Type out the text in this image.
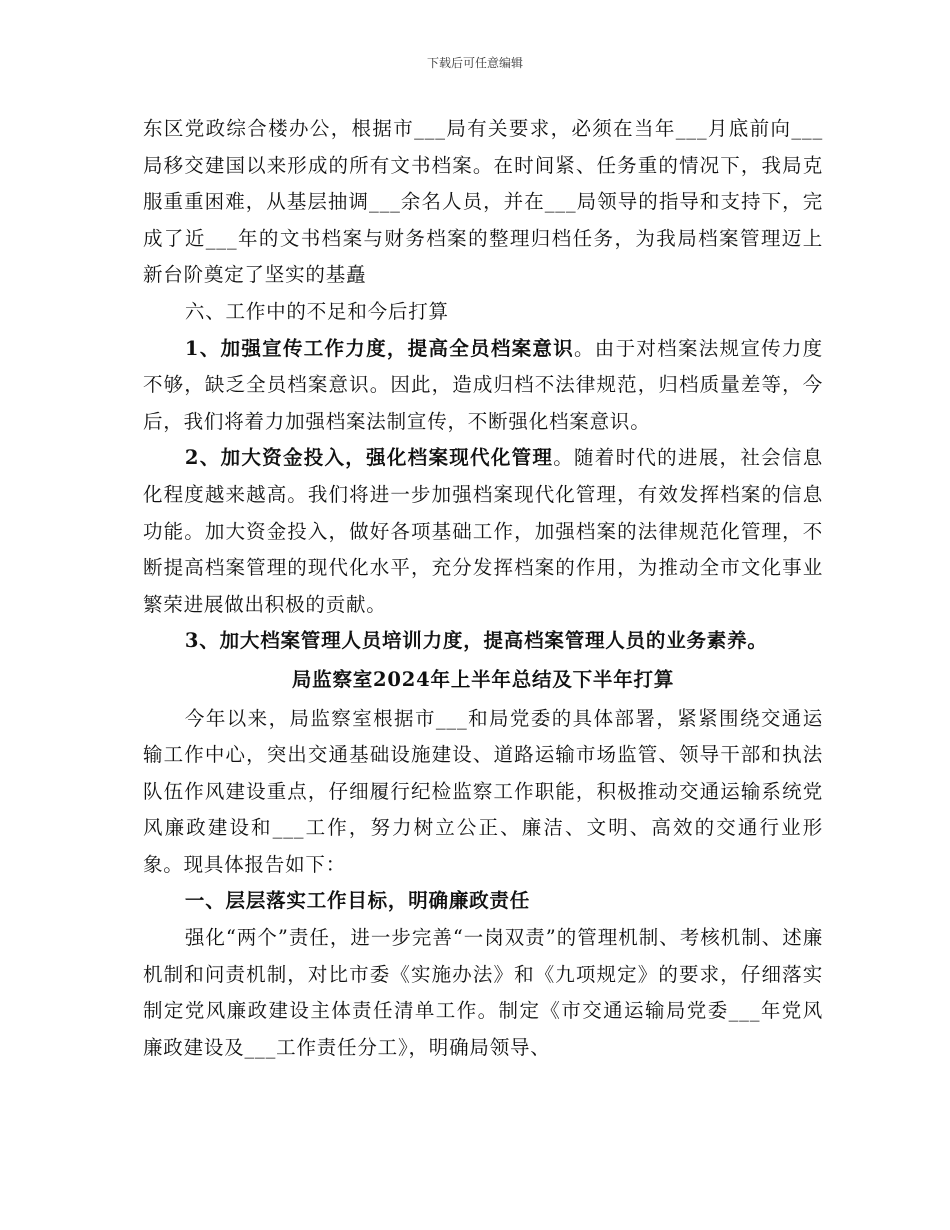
下载后可任意编辑

东区党政综合楼办公，根据市___局有关要求，必须在当年___月底前向___局移交建国以来形成的所有文书档案。在时间紧、任务重的情况下，我局克服重重困难，从基层抽调___余名人员，并在___局领导的指导和支持下，完成了近___年的文书档案与财务档案的整理归档任务，为我局档案管理迈上新台阶奠定了坚实的基矗

六、工作中的不足和今后打算

1、加强宣传工作力度，提高全员档案意识。由于对档案法规宣传力度不够，缺乏全员档案意识。因此，造成归档不法律规范，归档质量差等，今后，我们将着力加强档案法制宣传，不断强化档案意识。

2、加大资金投入，强化档案现代化管理。随着时代的进展，社会信息化程度越来越高。我们将进一步加强档案现代化管理，有效发挥档案的信息功能。加大资金投入，做好各项基础工作，加强档案的法律规范化管理，不断提高档案管理的现代化水平，充分发挥档案的作用，为推动全市文化事业繁荣进展做出积极的贡献。

3、加大档案管理人员培训力度，提高档案管理人员的业务素养。

局监察室2024年上半年总结及下半年打算

今年以来，局监察室根据市___和局党委的具体部署，紧紧围绕交通运输工作中心，突出交通基础设施建设、道路运输市场监管、领导干部和执法队伍作风建设重点，仔细履行纪检监察工作职能，积极推动交通运输系统党风廉政建设和___工作，努力树立公正、廉洁、文明、高效的交通行业形象。现具体报告如下：

一、层层落实工作目标，明确廉政责任

强化“两个”责任，进一步完善“一岗双责”的管理机制、考核机制、述廉机制和问责机制，对比市委《实施办法》和《九项规定》的要求，仔细落实制定党风廉政建设主体责任清单工作。制定《市交通运输局党委___年党风廉政建设及___工作责任分工》，明确局领导、
